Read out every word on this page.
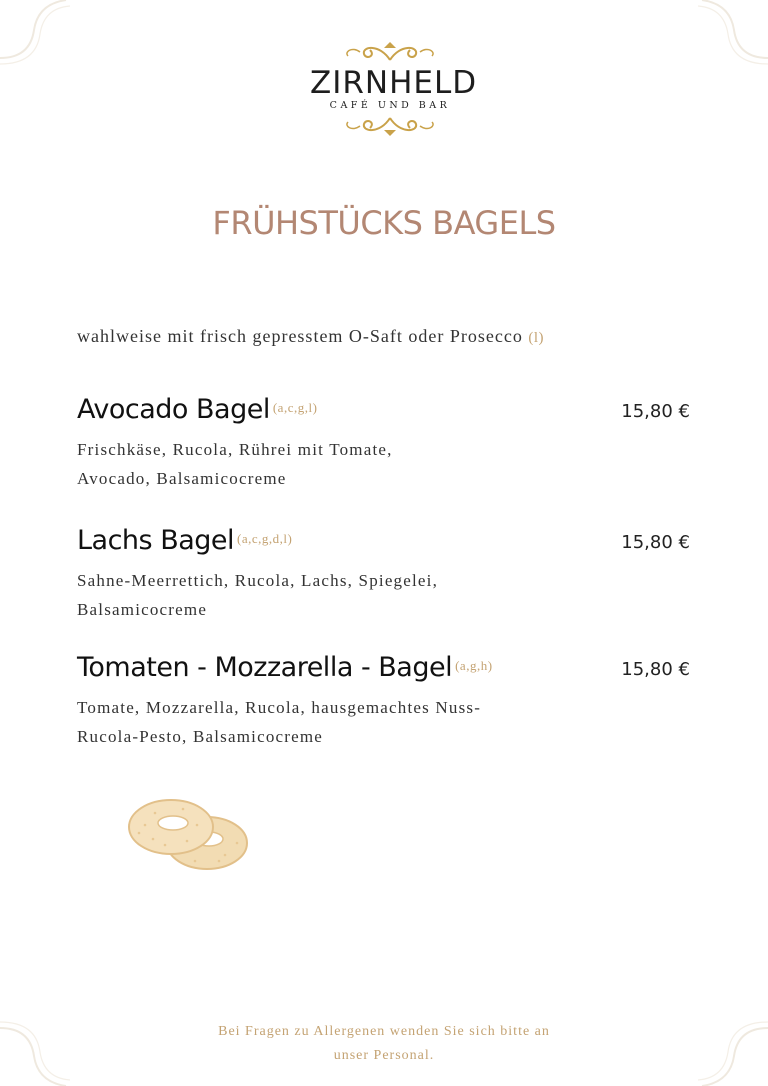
ZIRNHELD
CAFÉ UND BAR
FRÜHSTÜCKS BAGELS
wahlweise mit frisch gepresstem O-Saft oder Prosecco (l)
Avocado Bagel $^{(a,c,g,l)}$	15,80 €
Frischkäse, Rucola, Rührei mit Tomate,
Avocado, Balsamicocreme
Lachs Bagel $^{(a,c,g,d,l)}$	15,80 €
Sahne-Meerrettich, Rucola, Lachs, Spiegelei,
Balsamicocreme
Tomaten - Mozzarella - Bagel $^{(a,g,h)}$	15,80 €
Tomate, Mozzarella, Rucola, hausgemachtes Nuss-
Rucola-Pesto, Balsamicocreme
Bei Fragen zu Allergenen wenden Sie sich bitte an
unser Personal.
